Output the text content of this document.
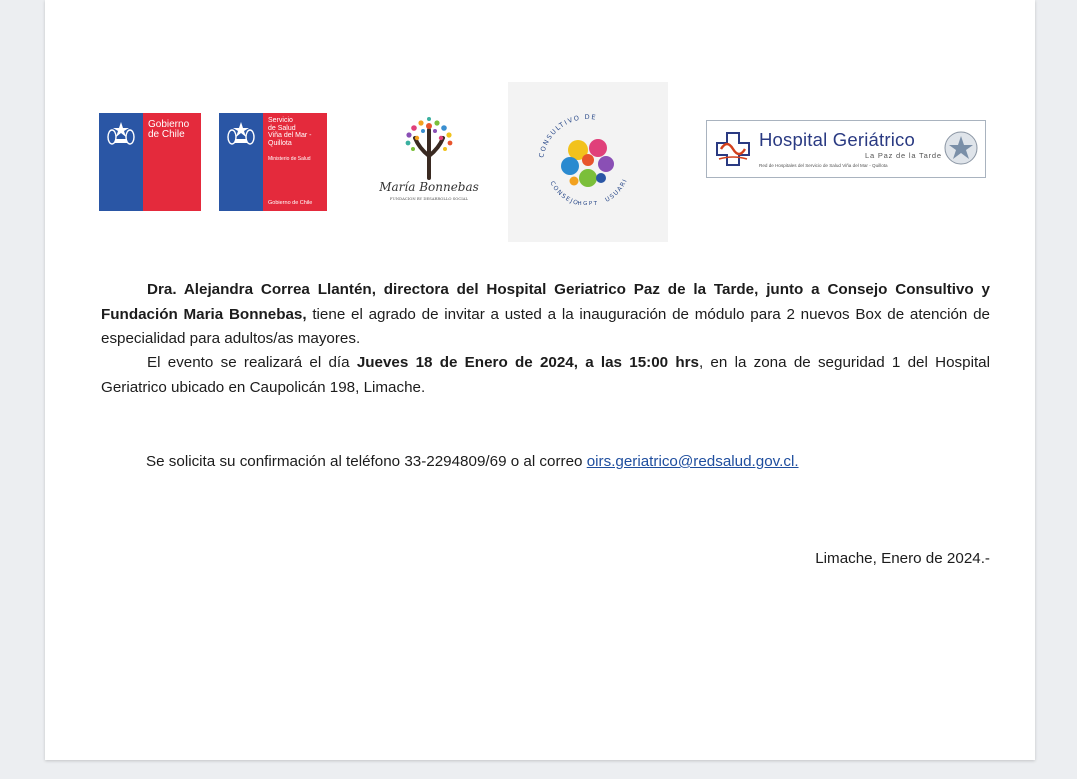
Gobierno
de Chile
Servicio
de Salud
Viña del Mar -
Quillota
Ministerio de Salud
Gobierno de Chile
María Bonnebas
FUNDACION BY DESARROLLO SOCIAL
CONSULTIVO DE
CONSEJO	USUARI
HGPT
Hospital Geriátrico
La Paz de la Tarde
Red de Hospitales del Servicio de Salud Viña del Mar - Quillota
Dra. Alejandra Correa Llantén, directora del Hospital Geriatrico Paz de la Tarde, junto a Consejo Consultivo y Fundación Maria Bonnebas, tiene el agrado de invitar a usted a la inauguración de módulo para 2 nuevos Box de atención de especialidad para adultos/as mayores.
El evento se realizará el día Jueves 18 de Enero de 2024, a las 15:00 hrs, en la zona de seguridad 1 del Hospital Geriatrico ubicado en Caupolicán 198, Limache.
Se solicita su confirmación al teléfono 33-2294809/69 o al correo oirs.geriatrico@redsalud.gov.cl.
Limache, Enero de 2024.-
